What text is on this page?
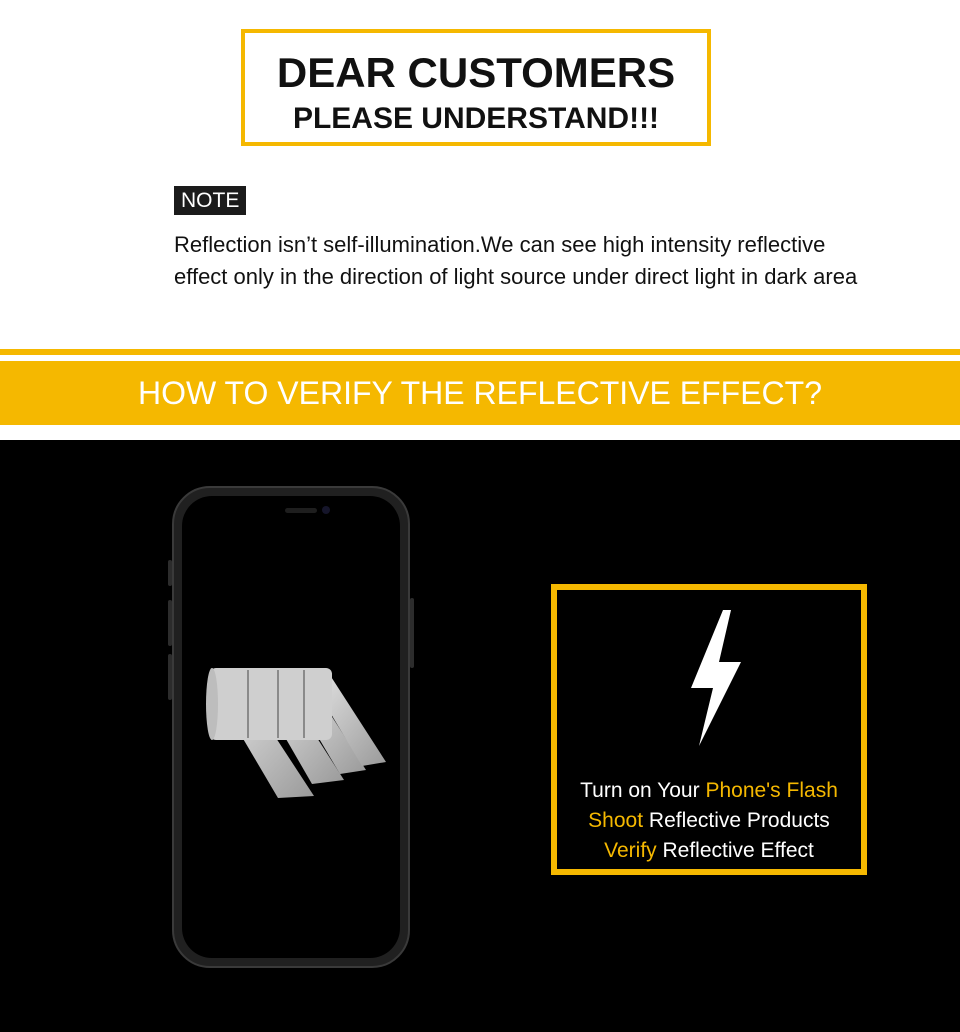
DEAR CUSTOMERS
PLEASE UNDERSTAND!!!
NOTE
Reflection isn’t self-illumination.We can see high intensity reflective effect only in the direction of light source under direct light in dark area
HOW TO VERIFY THE REFLECTIVE EFFECT?
Turn on Your Phone's Flash
Shoot Reflective Products
Verify Reflective Effect
